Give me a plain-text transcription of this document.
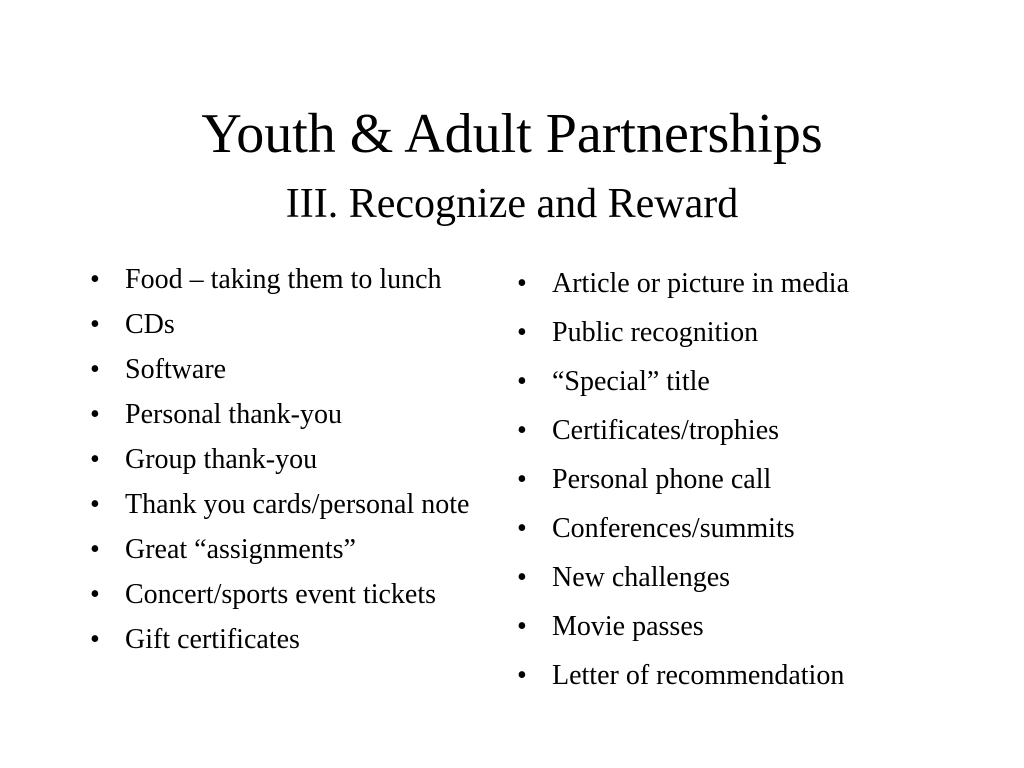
Youth & Adult Partnerships
III. Recognize and Reward
• Food – taking them to lunch
• CDs
• Software
• Personal thank-you
• Group thank-you
• Thank you cards/personal note
• Great “assignments”
• Concert/sports event tickets
• Gift certificates
• Article or picture in media
• Public recognition
• “Special” title
• Certificates/trophies
• Personal phone call
• Conferences/summits
• New challenges
• Movie passes
• Letter of recommendation
